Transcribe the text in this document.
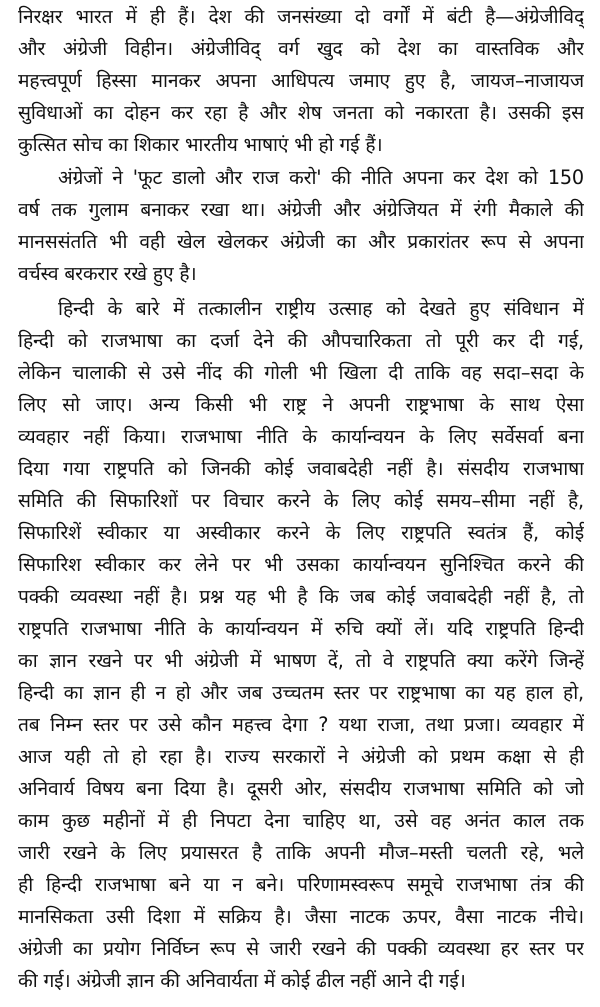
निरक्षर भारत में ही हैं। देश की जनसंख्या दो वर्गों में बंटी है—अंग्रेजीविद्
और अंग्रेजी विहीन। अंग्रेजीविद् वर्ग खुद को देश का वास्तविक और
महत्त्वपूर्ण हिस्सा मानकर अपना आधिपत्य जमाए हुए है, जायज–नाजायज
सुविधाओं का दोहन कर रहा है और शेष जनता को नकारता है। उसकी इस
कुत्सित सोच का शिकार भारतीय भाषाएं भी हो गई हैं।
अंग्रेजों ने 'फूट डालो और राज करो' की नीति अपना कर देश को 150
वर्ष तक गुलाम बनाकर रखा था। अंग्रेजी और अंग्रेजियत में रंगी मैकाले की
मानससंतति भी वही खेल खेलकर अंग्रेजी का और प्रकारांतर रूप से अपना
वर्चस्व बरकरार रखे हुए है।
हिन्दी के बारे में तत्कालीन राष्ट्रीय उत्साह को देखते हुए संविधान में
हिन्दी को राजभाषा का दर्जा देने की औपचारिकता तो पूरी कर दी गई,
लेकिन चालाकी से उसे नींद की गोली भी खिला दी ताकि वह सदा–सदा के
लिए सो जाए। अन्य किसी भी राष्ट्र ने अपनी राष्ट्रभाषा के साथ ऐसा
व्यवहार नहीं किया। राजभाषा नीति के कार्यान्वयन के लिए सर्वेसर्वा बना
दिया गया राष्ट्रपति को जिनकी कोई जवाबदेही नहीं है। संसदीय राजभाषा
समिति की सिफारिशों पर विचार करने के लिए कोई समय–सीमा नहीं है,
सिफारिशें स्वीकार या अस्वीकार करने के लिए राष्ट्रपति स्वतंत्र हैं, कोई
सिफारिश स्वीकार कर लेने पर भी उसका कार्यान्वयन सुनिश्चित करने की
पक्की व्यवस्था नहीं है। प्रश्न यह भी है कि जब कोई जवाबदेही नहीं है, तो
राष्ट्रपति राजभाषा नीति के कार्यान्वयन में रुचि क्यों लें। यदि राष्ट्रपति हिन्दी
का ज्ञान रखने पर भी अंग्रेजी में भाषण दें, तो वे राष्ट्रपति क्या करेंगे जिन्हें
हिन्दी का ज्ञान ही न हो और जब उच्चतम स्तर पर राष्ट्रभाषा का यह हाल हो,
तब निम्न स्तर पर उसे कौन महत्त्व देगा ? यथा राजा, तथा प्रजा। व्यवहार में
आज यही तो हो रहा है। राज्य सरकारों ने अंग्रेजी को प्रथम कक्षा से ही
अनिवार्य विषय बना दिया है। दूसरी ओर, संसदीय राजभाषा समिति को जो
काम कुछ महीनों में ही निपटा देना चाहिए था, उसे वह अनंत काल तक
जारी रखने के लिए प्रयासरत है ताकि अपनी मौज–मस्ती चलती रहे, भले
ही हिन्दी राजभाषा बने या न बने। परिणामस्वरूप समूचे राजभाषा तंत्र की
मानसिकता उसी दिशा में सक्रिय है। जैसा नाटक ऊपर, वैसा नाटक नीचे।
अंग्रेजी का प्रयोग निर्विघ्न रूप से जारी रखने की पक्की व्यवस्था हर स्तर पर
की गई। अंग्रेजी ज्ञान की अनिवार्यता में कोई ढील नहीं आने दी गई।
